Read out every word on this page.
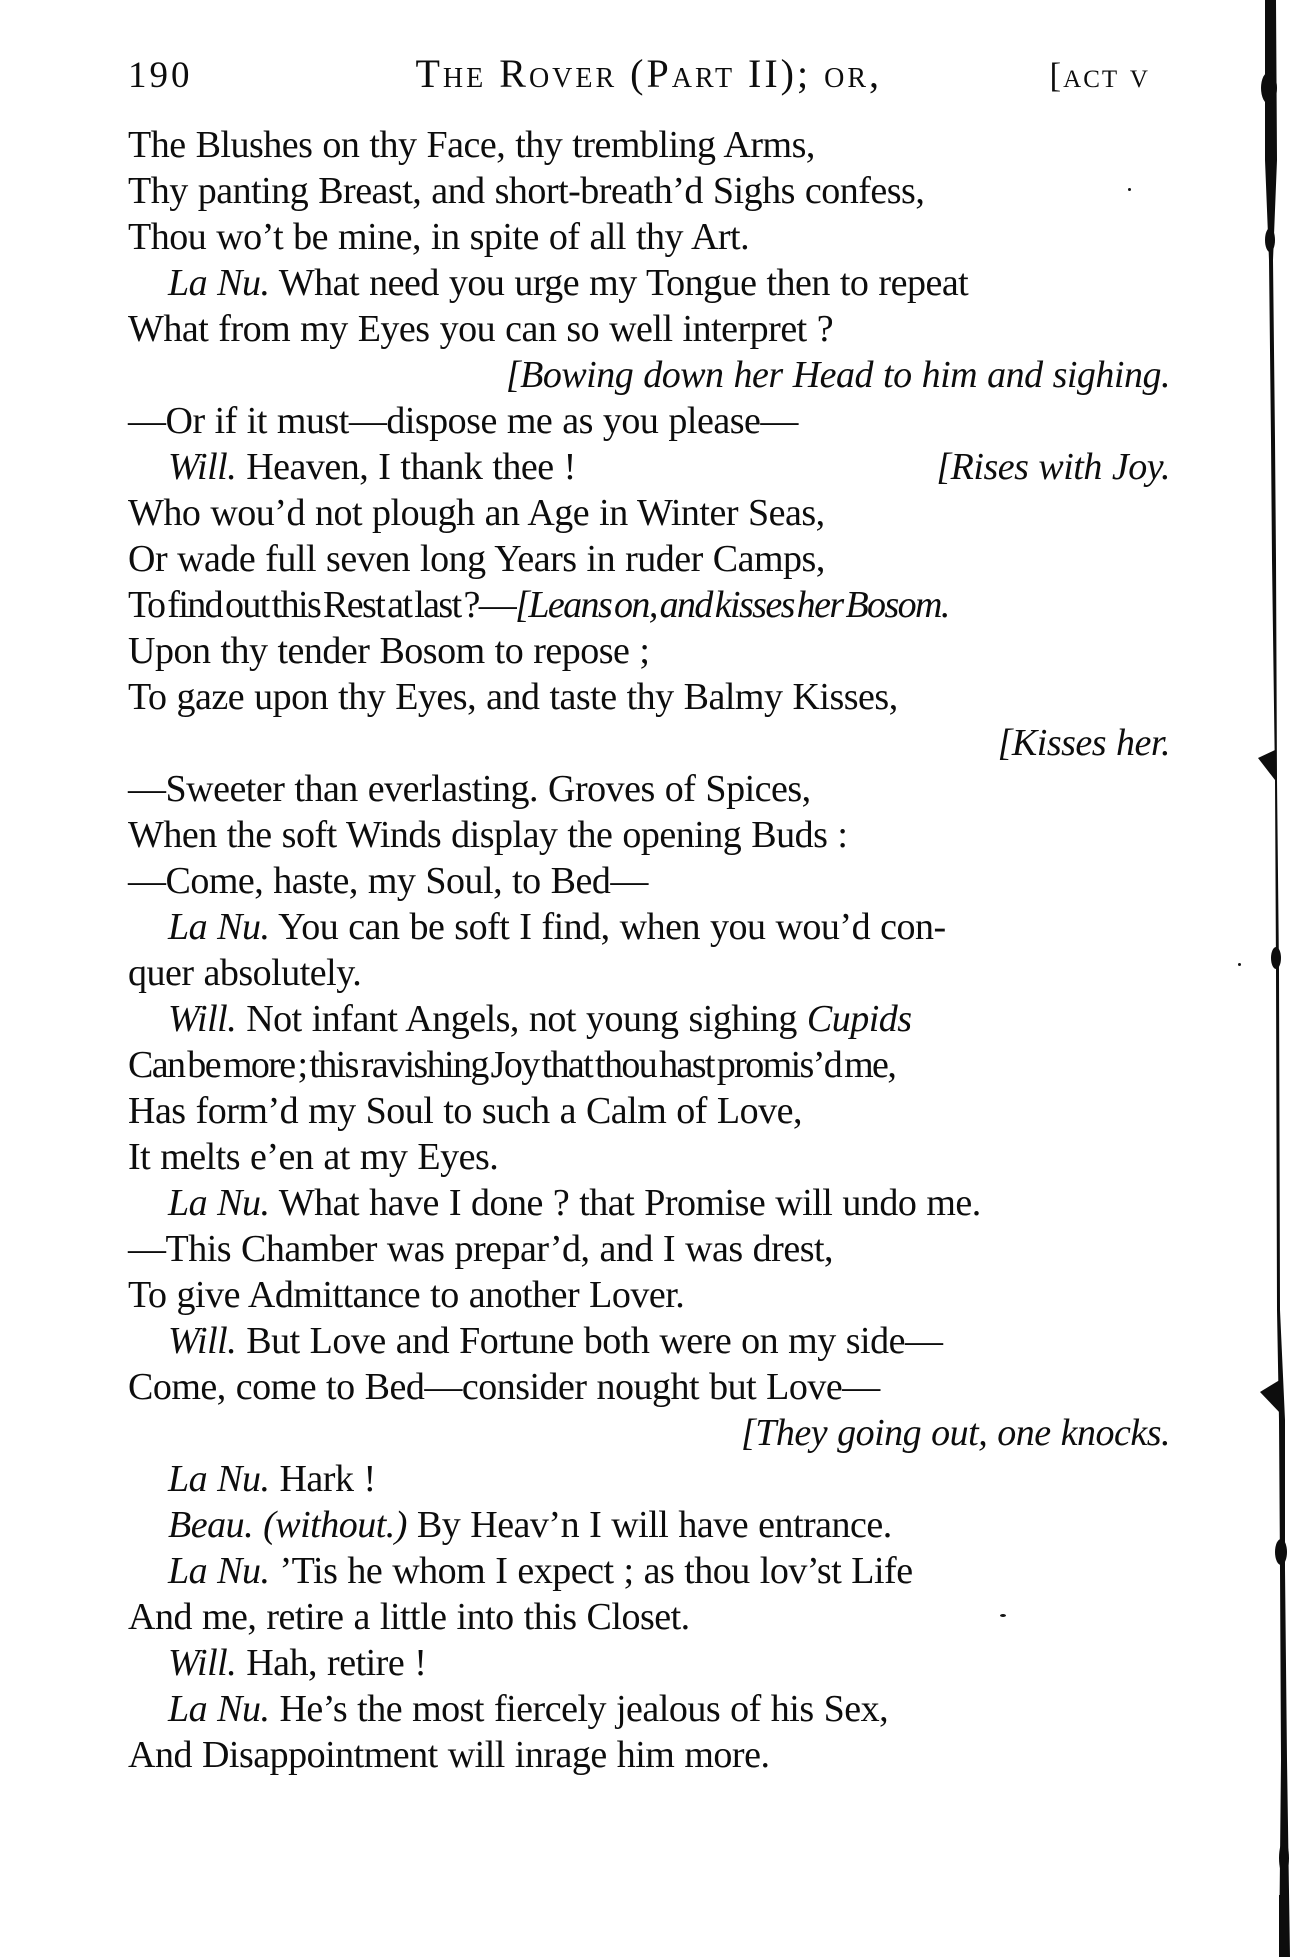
190	The Rover (Part II); or,	[act v
The Blushes on thy Face, thy trembling Arms,
Thy panting Breast, and short-breath’d Sighs confess,
Thou wo’t be mine, in spite of all thy Art.
La Nu. What need you urge my Tongue then to repeat
What from my Eyes you can so well interpret ?
[Bowing down her Head to him and sighing.
—Or if it must—dispose me as you please—
Will. Heaven, I thank thee !	[Rises with Joy.
Who wou’d not plough an Age in Winter Seas,
Or wade full seven long Years in ruder Camps,
To find out this Rest at last ?—[Leans on, and kisses her Bosom.
Upon thy tender Bosom to repose ;
To gaze upon thy Eyes, and taste thy Balmy Kisses,
[Kisses her.
—Sweeter than everlasting. Groves of Spices,
When the soft Winds display the opening Buds :
—Come, haste, my Soul, to Bed—
La Nu. You can be soft I find, when you wou’d con-
quer absolutely.
Will. Not infant Angels, not young sighing Cupids
Can be more ; this ravishing Joy that thou hast promis’d me,
Has form’d my Soul to such a Calm of Love,
It melts e’en at my Eyes.
La Nu. What have I done ? that Promise will undo me.
—This Chamber was prepar’d, and I was drest,
To give Admittance to another Lover.
Will. But Love and Fortune both were on my side—
Come, come to Bed—consider nought but Love—
[They going out, one knocks.
La Nu. Hark !
Beau. (without.) By Heav’n I will have entrance.
La Nu. ’Tis he whom I expect ; as thou lov’st Life
And me, retire a little into this Closet.
Will. Hah, retire !
La Nu. He’s the most fiercely jealous of his Sex,
And Disappointment will inrage him more.
